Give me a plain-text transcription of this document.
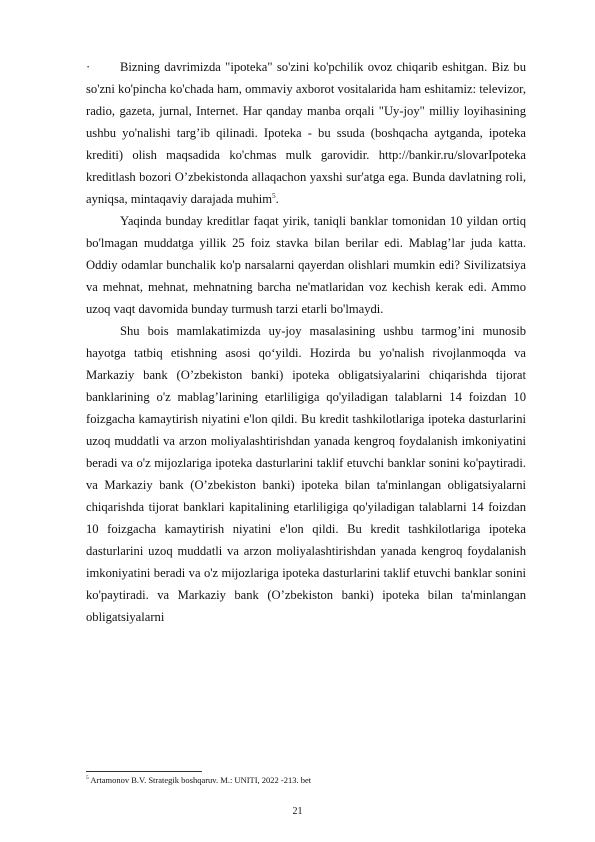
· Bizning davrimizda "ipoteka" so'zini ko'pchilik ovoz chiqarib eshitgan. Biz bu so'zni ko'pincha ko'chada ham, ommaviy axborot vositalarida ham eshitamiz: televizor, radio, gazeta, jurnal, Internet. Har qanday manba orqali "Uy-joy" milliy loyihasining ushbu yo'nalishi targ’ib qilinadi. Ipoteka - bu ssuda (boshqacha aytganda, ipoteka krediti) olish maqsadida ko'chmas mulk garovidir. http://bankir.ru/slovarIpoteka kreditlash bozori O’zbekistonda allaqachon yaxshi sur'atga ega. Bunda davlatning roli, ayniqsa, mintaqaviy darajada muhim$^5$.

Yaqinda bunday kreditlar faqat yirik, taniqli banklar tomonidan 10 yildan ortiq bo'lmagan muddatga yillik 25 foiz stavka bilan berilar edi. Mablag’lar juda katta. Oddiy odamlar bunchalik ko'p narsalarni qayerdan olishlari mumkin edi? Sivilizatsiya va mehnat, mehnat, mehnatning barcha ne'matlaridan voz kechish kerak edi. Ammo uzoq vaqt davomida bunday turmush tarzi etarli bo'lmaydi.

Shu bois mamlakatimizda uy-joy masalasining ushbu tarmog’ini munosib hayotga tatbiq etishning asosi qo‘yildi. Hozirda bu yo'nalish rivojlanmoqda va Markaziy bank (O’zbekiston banki) ipoteka obligatsiyalarini chiqarishda tijorat banklarining o'z mablag’larining etarliligiga qo'yiladigan talablarni 14 foizdan 10 foizgacha kamaytirish niyatini e'lon qildi. Bu kredit tashkilotlariga ipoteka dasturlarini uzoq muddatli va arzon moliyalashtirishdan yanada kengroq foydalanish imkoniyatini beradi va o'z mijozlariga ipoteka dasturlarini taklif etuvchi banklar sonini ko'paytiradi. va Markaziy bank (O’zbekiston banki) ipoteka bilan ta'minlangan obligatsiyalarni chiqarishda tijorat banklari kapitalining etarliligiga qo'yiladigan talablarni 14 foizdan 10 foizgacha kamaytirish niyatini e'lon qildi. Bu kredit tashkilotlariga ipoteka dasturlarini uzoq muddatli va arzon moliyalashtirishdan yanada kengroq foydalanish imkoniyatini beradi va o'z mijozlariga ipoteka dasturlarini taklif etuvchi banklar sonini ko'paytiradi. va Markaziy bank (O’zbekiston banki) ipoteka bilan ta'minlangan obligatsiyalarni

$^5$ Artamonov B.V. Strategik boshqaruv. M.: UNITI, 2022 -213. bet
21
